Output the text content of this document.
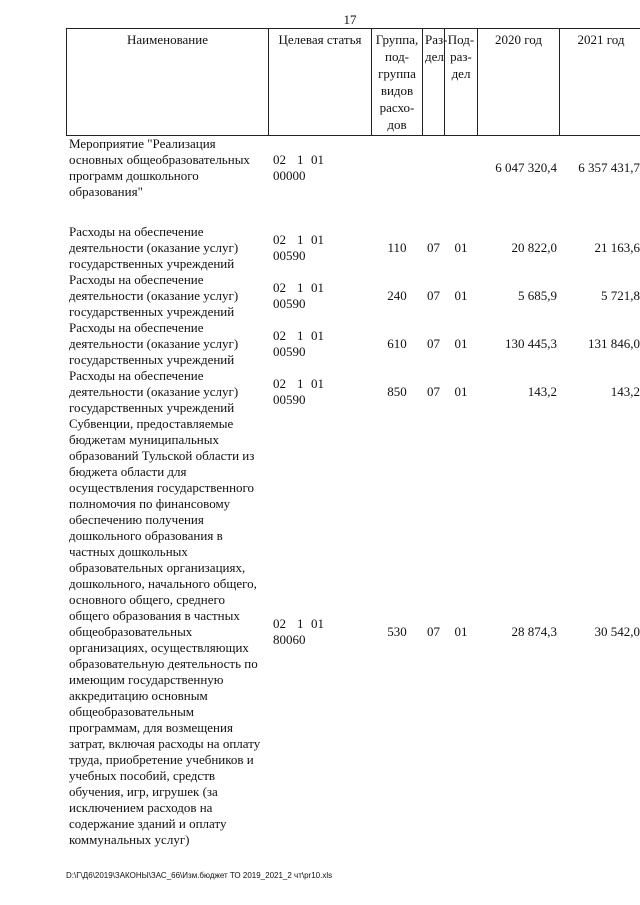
17
Наименование	Целевая статья	Группа, под-группа видов расхо-дов	Раз-дел	Под-раз-дел	2020 год	2021 год
Мероприятие "Реализация основных общеобразовательных программ дошкольного образования"	02 1 0100000				6 047 320,4	6 357 431,7

Расходы на обеспечение деятельности (оказание услуг) государственных учреждений	02 1 0100590	110	07	01	20 822,0	21 163,6
Расходы на обеспечение деятельности (оказание услуг) государственных учреждений	02 1 0100590	240	07	01	5 685,9	5 721,8
Расходы на обеспечение деятельности (оказание услуг) государственных учреждений	02 1 0100590	610	07	01	130 445,3	131 846,0
Расходы на обеспечение деятельности (оказание услуг) государственных учреждений	02 1 0100590	850	07	01	143,2	143,2
Субвенции, предоставляемые бюджетам муниципальных образований Тульской области из бюджета области для осуществления государственного полномочия по финансовому обеспечению получения дошкольного образования в частных дошкольных образовательных организациях, дошкольного, начального общего, основного общего, среднего общего образования в частных общеобразовательных организациях, осуществляющих образовательную деятельность по имеющим государственную аккредитацию основным общеобразовательным программам, для возмещения затрат, включая расходы на оплату труда, приобретение учебников и учебных пособий, средств обучения, игр, игрушек (за исключением расходов на содержание зданий и оплату коммунальных услуг)	02 1 0180060	530	07	01	28 874,3	30 542,0
D:\Г\Д6\2019\ЗАКОНЫ\ЗАС_66\Изм.бюджет ТО 2019_2021_2 чт\pr10.xls
